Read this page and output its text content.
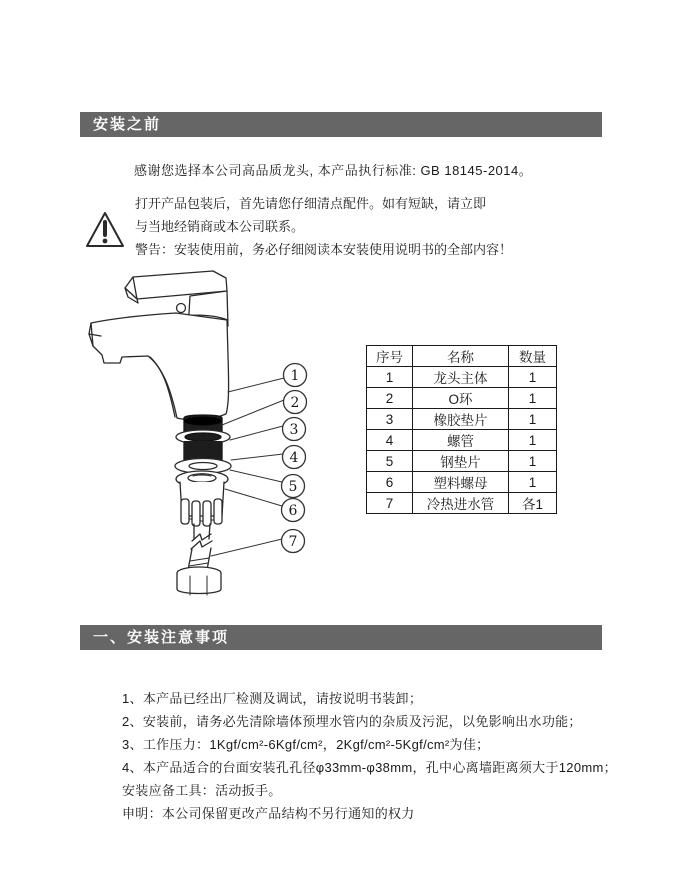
安装之前
感谢您选择本公司高品质龙头, 本产品执行标准: GB 18145-2014。
打开产品包装后，首先请您仔细清点配件。如有短缺，请立即
与当地经销商或本公司联系。
警告：安装使用前，务必仔细阅读本安装使用说明书的全部内容！
1
2
3
4
5
6
7
序号	名称	数量
1	龙头主体	1
2	O环	1
3	橡胶垫片	1
4	螺管	1
5	钢垫片	1
6	塑料螺母	1
7	冷热进水管	各1
一、安装注意事项
1、本产品已经出厂检测及调试，请按说明书装卸；
2、安装前，请务必先清除墙体预埋水管内的杂质及污泥，以免影响出水功能；
3、工作压力：1Kgf/cm²-6Kgf/cm²，2Kgf/cm²-5Kgf/cm²为佳；
4、本产品适合的台面安装孔孔径φ33mm-φ38mm，孔中心离墙距离须大于120mm；
安装应备工具：活动扳手。
申明：本公司保留更改产品结构不另行通知的权力
